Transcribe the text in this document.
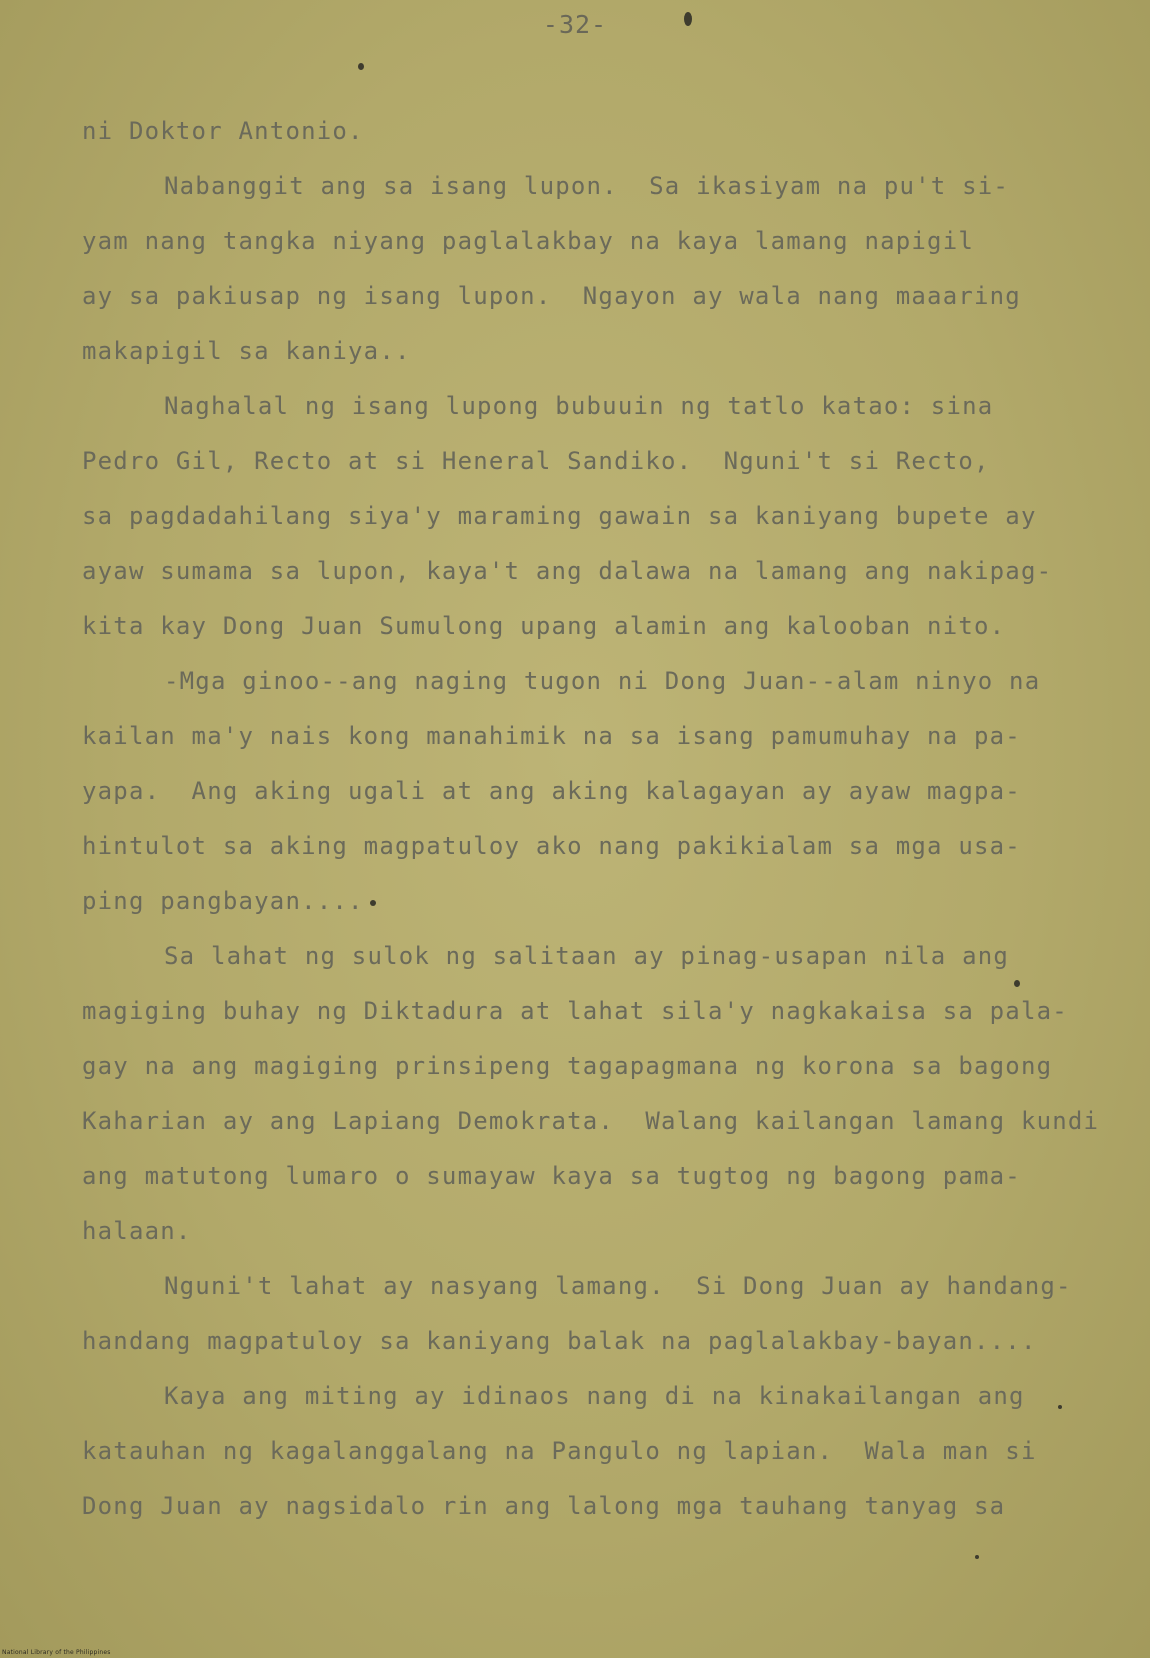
-32-
ni Doktor Antonio.
Nabanggit ang sa isang lupon.  Sa ikasiyam na pu't si-
yam nang tangka niyang paglalakbay na kaya lamang napigil
ay sa pakiusap ng isang lupon.  Ngayon ay wala nang maaaring
makapigil sa kaniya..
Naghalal ng isang lupong bubuuin ng tatlo katao: sina
Pedro Gil, Recto at si Heneral Sandiko.  Nguni't si Recto,
sa pagdadahilang siya'y maraming gawain sa kaniyang bupete ay
ayaw sumama sa lupon, kaya't ang dalawa na lamang ang nakipag-
kita kay Dong Juan Sumulong upang alamin ang kalooban nito.
-Mga ginoo--ang naging tugon ni Dong Juan--alam ninyo na
kailan ma'y nais kong manahimik na sa isang pamumuhay na pa-
yapa.  Ang aking ugali at ang aking kalagayan ay ayaw magpa-
hintulot sa aking magpatuloy ako nang pakikialam sa mga usa-
ping pangbayan....
Sa lahat ng sulok ng salitaan ay pinag-usapan nila ang
magiging buhay ng Diktadura at lahat sila'y nagkakaisa sa pala-
gay na ang magiging prinsipeng tagapagmana ng korona sa bagong
Kaharian ay ang Lapiang Demokrata.  Walang kailangan lamang kundi
ang matutong lumaro o sumayaw kaya sa tugtog ng bagong pama-
halaan.
Nguni't lahat ay nasyang lamang.  Si Dong Juan ay handang-
handang magpatuloy sa kaniyang balak na paglalakbay-bayan....
Kaya ang miting ay idinaos nang di na kinakailangan ang
katauhan ng kagalanggalang na Pangulo ng lapian.  Wala man si
Dong Juan ay nagsidalo rin ang lalong mga tauhang tanyag sa
National Library of the Philippines
